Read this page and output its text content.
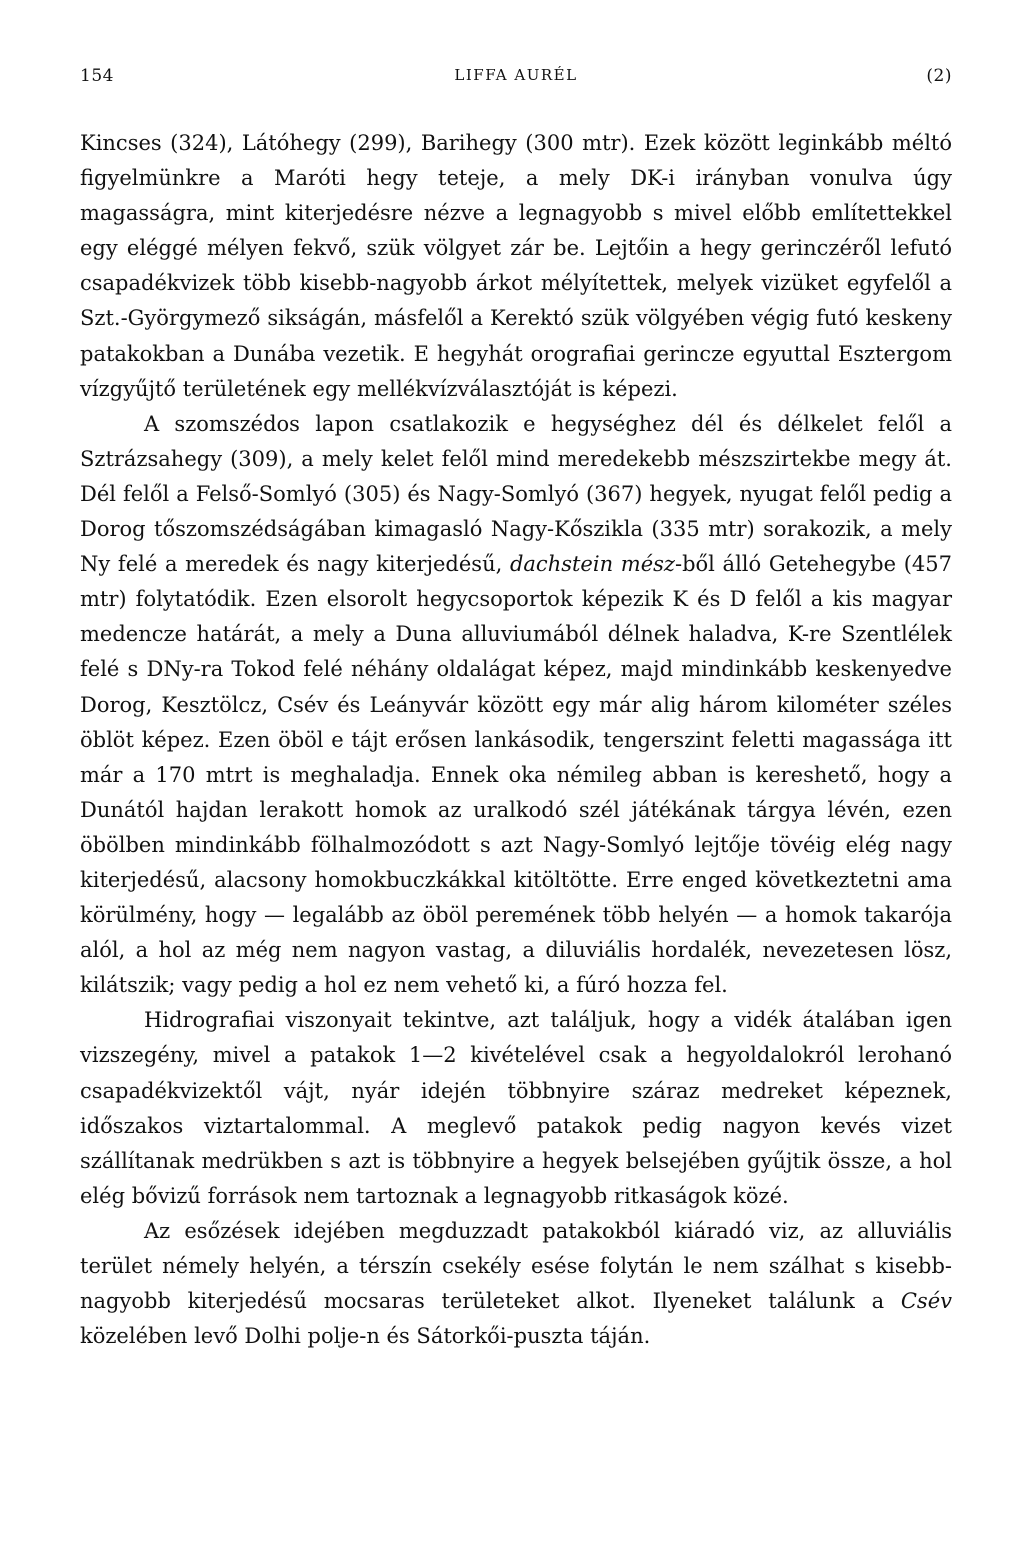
154	LIFFA AURÉL	(2)

Kincses (324), Látóhegy (299), Barihegy (300 mtr). Ezek között leginkább méltó figyelmünkre a Maróti hegy teteje, a mely DK-i irányban vonulva úgy magasságra, mint kiterjedésre nézve a legnagyobb s mivel előbb említettekkel egy eléggé mélyen fekvő, szük völgyet zár be. Lejtőin a hegy gerinczéről lefutó csapadékvizek több kisebb-nagyobb árkot mélyítettek, melyek vizüket egyfelől a Szt.-Györgymező sikságán, másfelől a Kerektó szük völgyében végig futó keskeny patakokban a Dunába vezetik. E hegyhát orografiai gerincze egyuttal Esztergom vízgyűjtő területének egy mellékvízválasztóját is képezi.

A szomszédos lapon csatlakozik e hegységhez dél és délkelet felől a Sztrázsahegy (309), a mely kelet felől mind meredekebb mészszirtekbe megy át. Dél felől a Felső-Somlyó (305) és Nagy-Somlyó (367) hegyek, nyugat felől pedig a Dorog tőszomszédságában kimagasló Nagy-Kőszikla (335 mtr) sorakozik, a mely Ny felé a meredek és nagy kiterjedésű, dachstein mész-ből álló Getehegybe (457 mtr) folytatódik. Ezen elsorolt hegycsoportok képezik K és D felől a kis magyar medencze határát, a mely a Duna alluviumából délnek haladva, K-re Szentlélek felé s DNy-ra Tokod felé néhány oldalágat képez, majd mindinkább keskenyedve Dorog, Kesztölcz, Csév és Leányvár között egy már alig három kilométer széles öblöt képez. Ezen öböl e tájt erősen lankásodik, tengerszint feletti magassága itt már a 170 mtrt is meghaladja. Ennek oka némileg abban is kereshető, hogy a Dunától hajdan lerakott homok az uralkodó szél játékának tárgya lévén, ezen öbölben mindinkább fölhalmozódott s azt Nagy-Somlyó lejtője tövéig elég nagy kiterjedésű, alacsony homokbuczkákkal kitöltötte. Erre enged következtetni ama körülmény, hogy — legalább az öböl peremének több helyén — a homok takarója alól, a hol az még nem nagyon vastag, a diluviális hordalék, nevezetesen lösz, kilátszik; vagy pedig a hol ez nem vehető ki, a fúró hozza fel.

Hidrografiai viszonyait tekintve, azt találjuk, hogy a vidék átalában igen vizszegény, mivel a patakok 1—2 kivételével csak a hegyoldalokról lerohanó csapadékvizektől vájt, nyár idején többnyire száraz medreket képeznek, időszakos viztartalommal. A meglevő patakok pedig nagyon kevés vizet szállítanak medrükben s azt is többnyire a hegyek belsejében gyűjtik össze, a hol elég bővizű források nem tartoznak a legnagyobb ritkaságok közé.

Az esőzések idejében megduzzadt patakokból kiáradó viz, az alluviális terület némely helyén, a térszín csekély esése folytán le nem szálhat s kisebb-nagyobb kiterjedésű mocsaras területeket alkot. Ilyeneket találunk a Csév közelében levő Dolhi polje-n és Sátorkői-puszta táján.
